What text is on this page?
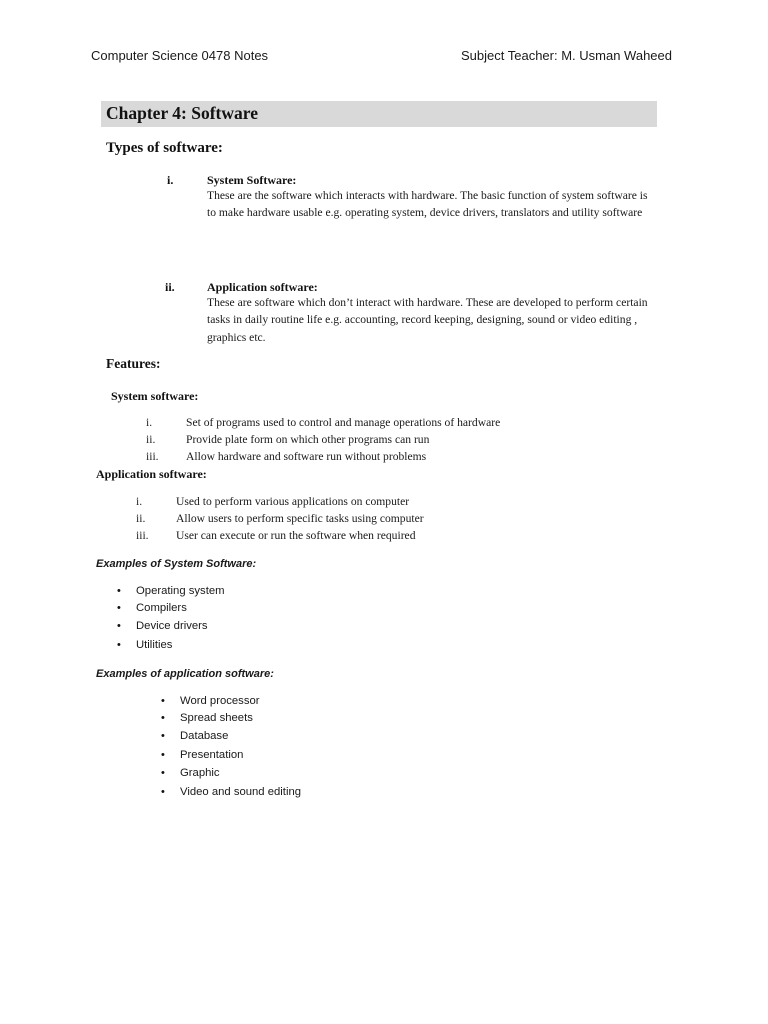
Computer Science 0478 Notes	Subject Teacher: M. Usman Waheed
Chapter 4: Software
Types of software:
i.	System Software:
These are the software which interacts with hardware. The basic function of system software is to make hardware usable e.g. operating system, device drivers, translators and utility software
ii.	Application software:
These are software which don’t interact with hardware. These are developed to perform certain tasks in daily routine life e.g. accounting, record keeping, designing, sound or video editing , graphics etc.
Features:
System software:
i.	Set of programs used to control and manage operations of hardware
ii.	Provide plate form on which other programs can run
iii. Allow hardware and software run without problems
Application software:
i.	Used to perform various applications on computer
ii.	Allow users to perform specific tasks using computer
iii. User can execute or run the software when required
Examples of System Software:
• Operating system
• Compilers
• Device drivers
• Utilities
Examples of application software:
• Word processor
• Spread sheets
• Database
• Presentation
• Graphic
• Video and sound editing
